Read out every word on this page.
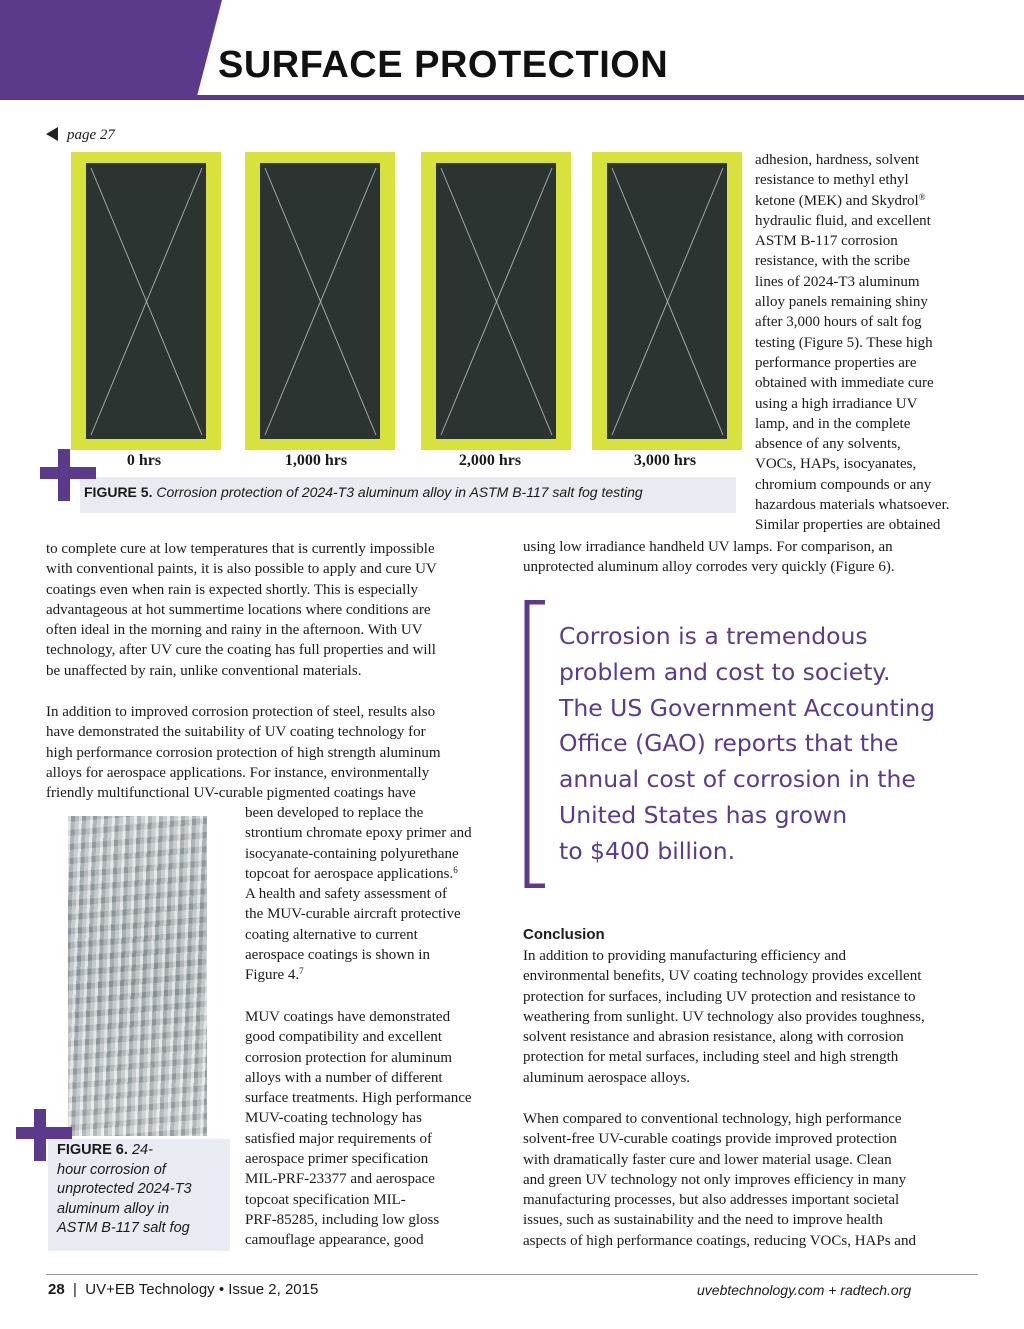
SURFACE PROTECTION
page 27
0 hrs	1,000 hrs	2,000 hrs	3,000 hrs
FIGURE 5. Corrosion protection of 2024-T3 aluminum alloy in ASTM B-117 salt fog testing
adhesion, hardness, solvent
resistance to methyl ethyl
ketone (MEK) and Skydrol®
hydraulic fluid, and excellent
ASTM B-117 corrosion
resistance, with the scribe
lines of 2024-T3 aluminum
alloy panels remaining shiny
after 3,000 hours of salt fog
testing (Figure 5). These high
performance properties are
obtained with immediate cure
using a high irradiance UV
lamp, and in the complete
absence of any solvents,
VOCs, HAPs, isocyanates,
chromium compounds or any
hazardous materials whatsoever.
Similar properties are obtained
using low irradiance handheld UV lamps. For comparison, an
unprotected aluminum alloy corrodes very quickly (Figure 6).
to complete cure at low temperatures that is currently impossible
with conventional paints, it is also possible to apply and cure UV
coatings even when rain is expected shortly. This is especially
advantageous at hot summertime locations where conditions are
often ideal in the morning and rainy in the afternoon. With UV
technology, after UV cure the coating has full properties and will
be unaffected by rain, unlike conventional materials.
In addition to improved corrosion protection of steel, results also
have demonstrated the suitability of UV coating technology for
high performance corrosion protection of high strength aluminum
alloys for aerospace applications. For instance, environmentally
friendly multifunctional UV-curable pigmented coatings have
been developed to replace the
strontium chromate epoxy primer and
isocyanate-containing polyurethane
topcoat for aerospace applications.$^6$
A health and safety assessment of
the MUV-curable aircraft protective
coating alternative to current
aerospace coatings is shown in
Figure 4.$^7$
MUV coatings have demonstrated
good compatibility and excellent
corrosion protection for aluminum
alloys with a number of different
surface treatments. High performance
MUV-coating technology has
satisfied major requirements of
aerospace primer specification
MIL-PRF-23377 and aerospace
topcoat specification MIL-
PRF-85285, including low gloss
camouflage appearance, good
FIGURE 6. 24-
hour corrosion of
unprotected 2024-T3
aluminum alloy in
ASTM B-117 salt fog
Corrosion is a tremendous
problem and cost to society.
The US Government Accounting
Office (GAO) reports that the
annual cost of corrosion in the
United States has grown
to $400 billion.
Conclusion
In addition to providing manufacturing efficiency and
environmental benefits, UV coating technology provides excellent
protection for surfaces, including UV protection and resistance to
weathering from sunlight. UV technology also provides toughness,
solvent resistance and abrasion resistance, along with corrosion
protection for metal surfaces, including steel and high strength
aluminum aerospace alloys.
When compared to conventional technology, high performance
solvent-free UV-curable coatings provide improved protection
with dramatically faster cure and lower material usage. Clean
and green UV technology not only improves efficiency in many
manufacturing processes, but also addresses important societal
issues, such as sustainability and the need to improve health
aspects of high performance coatings, reducing VOCs, HAPs and
28 | UV+EB Technology • Issue 2, 2015	uvebtechnology.com + radtech.org
